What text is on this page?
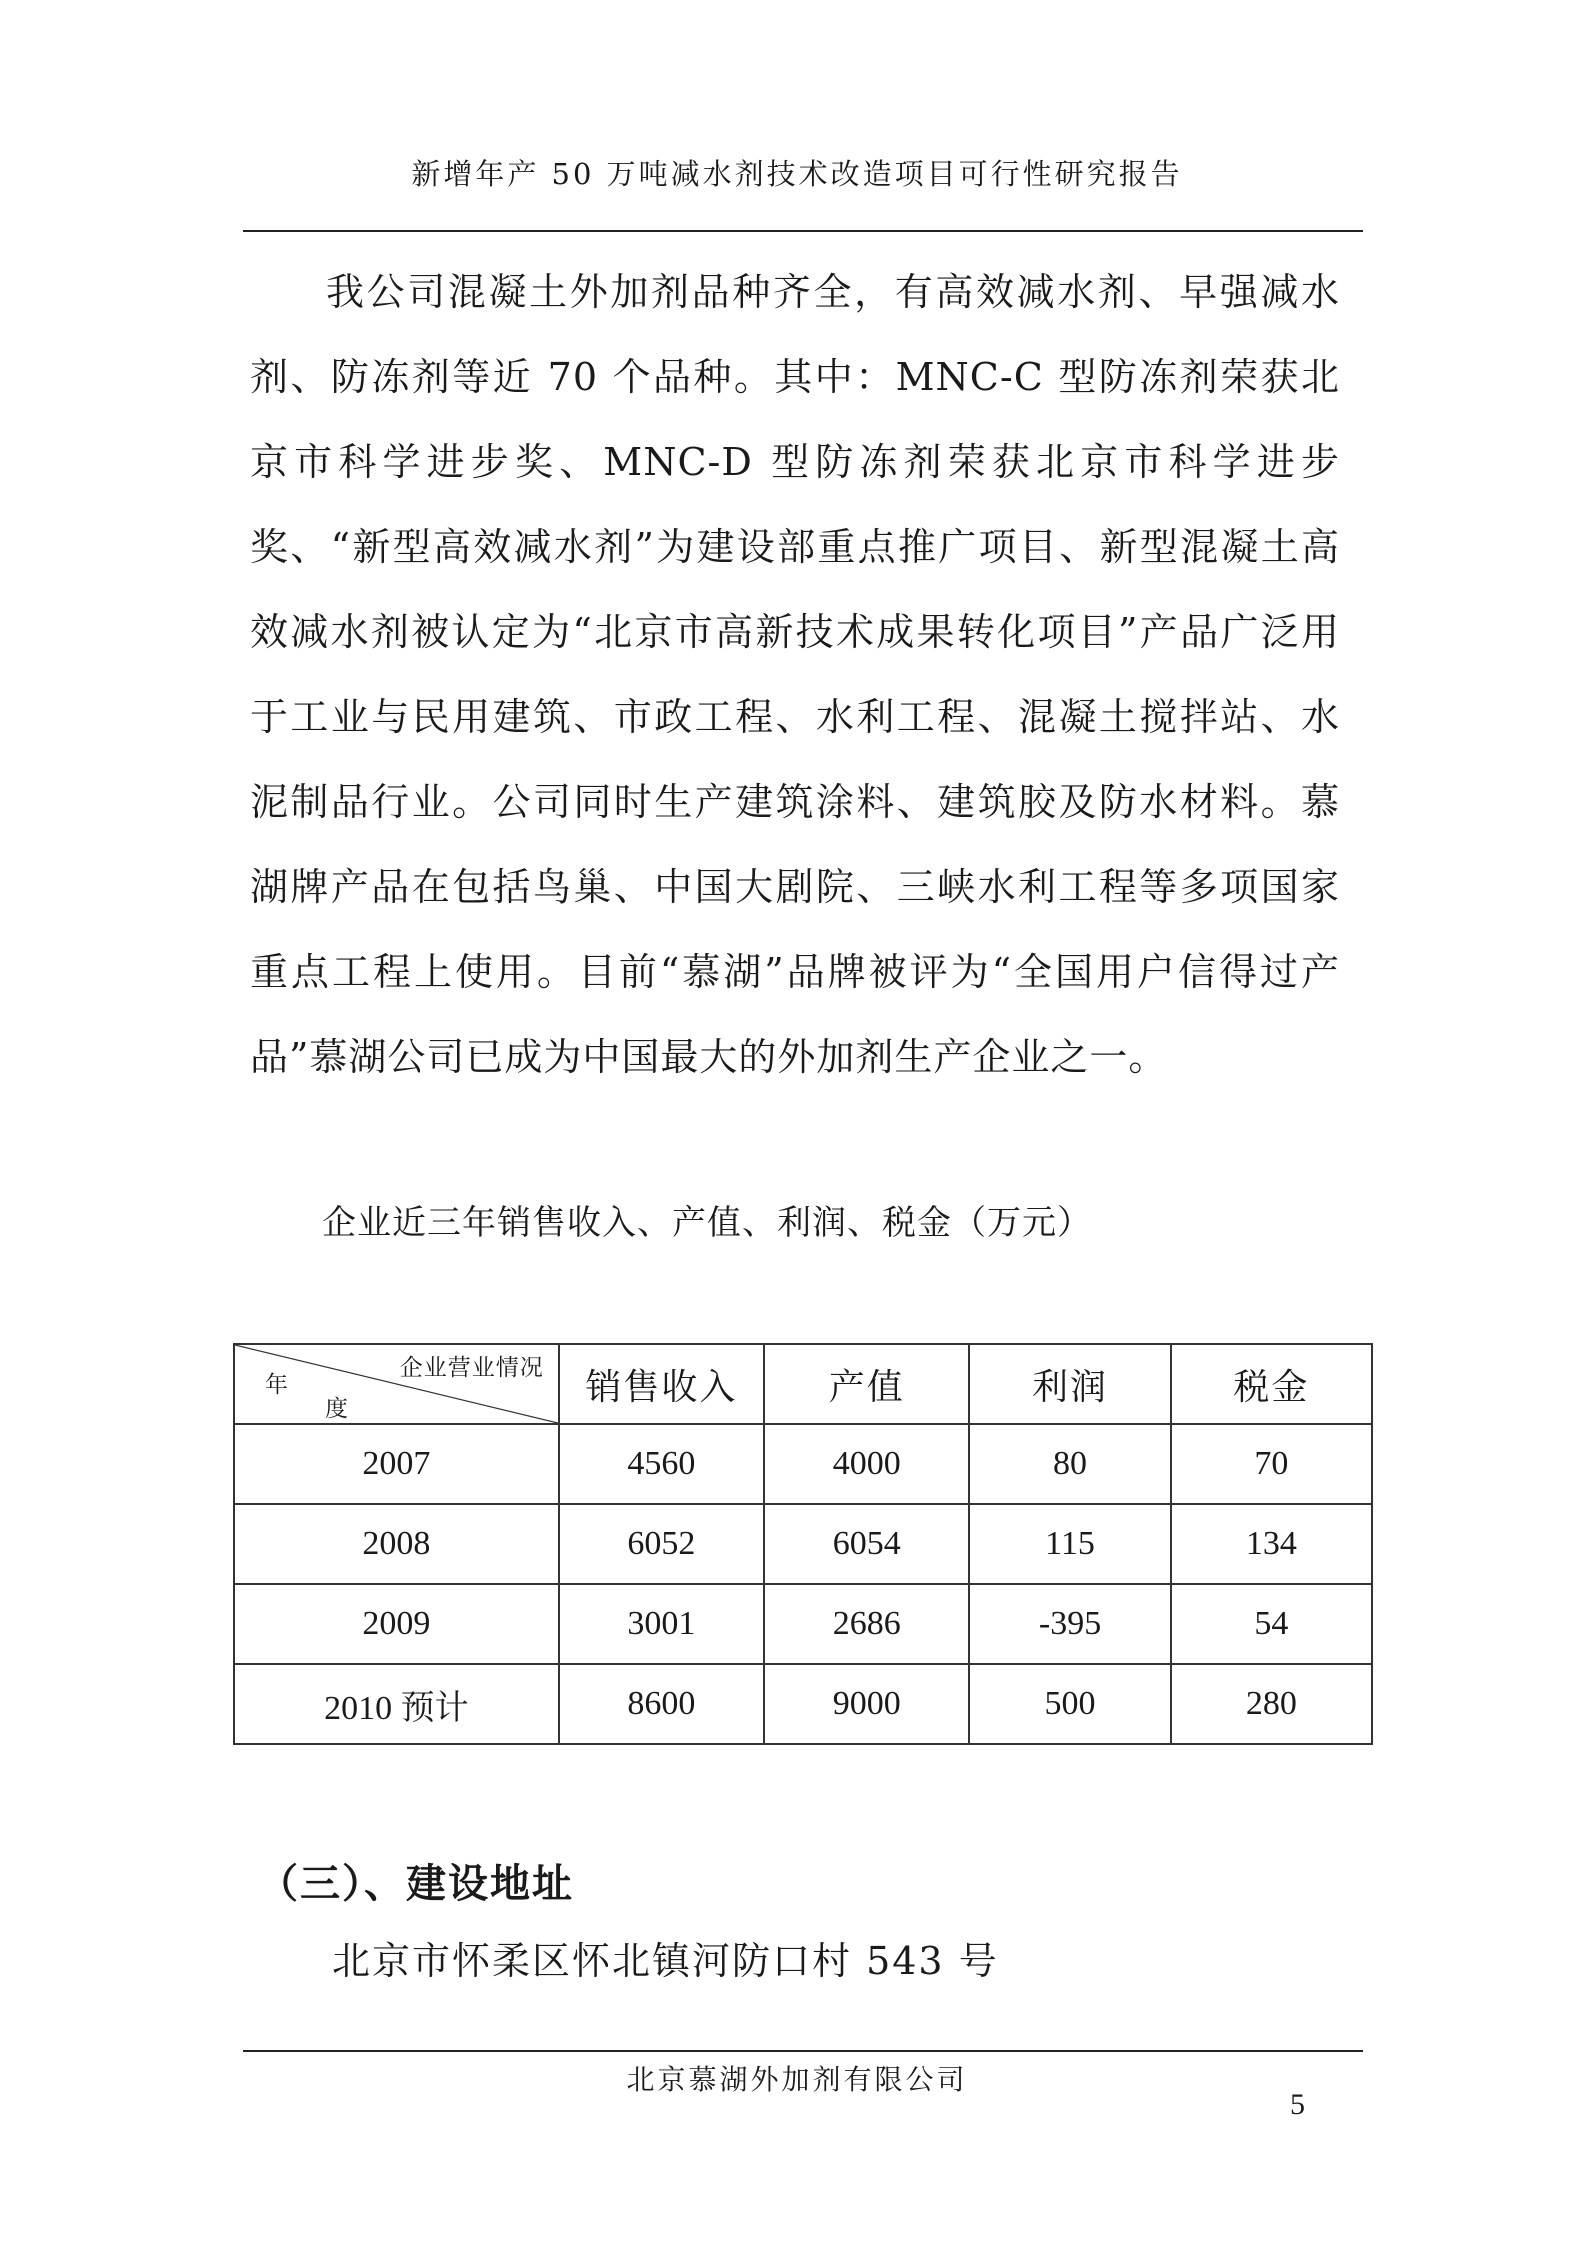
新增年产 50 万吨减水剂技术改造项目可行性研究报告

我公司混凝土外加剂品种齐全，有高效减水剂、早强减水剂、防冻剂等近 70 个品种。其中：MNC-C 型防冻剂荣获北京市科学进步奖、MNC-D 型防冻剂荣获北京市科学进步奖、“新型高效减水剂”为建设部重点推广项目、新型混凝土高效减水剂被认定为“北京市高新技术成果转化项目”产品广泛用于工业与民用建筑、市政工程、水利工程、混凝土搅拌站、水泥制品行业。公司同时生产建筑涂料、建筑胶及防水材料。慕湖牌产品在包括鸟巢、中国大剧院、三峡水利工程等多项国家重点工程上使用。目前“慕湖”品牌被评为“全国用户信得过产品”慕湖公司已成为中国最大的外加剂生产企业之一。

企业近三年销售收入、产值、利润、税金（万元）
企业营业情况
年
度	销售收入	产值	利润	税金
2007	4560	4000	80	70
2008	6052	6054	115	134
2009	3001	2686	-395	54
2010 预计	8600	9000	500	280
（三）、建设地址
北京市怀柔区怀北镇河防口村 543 号
北京慕湖外加剂有限公司
5
